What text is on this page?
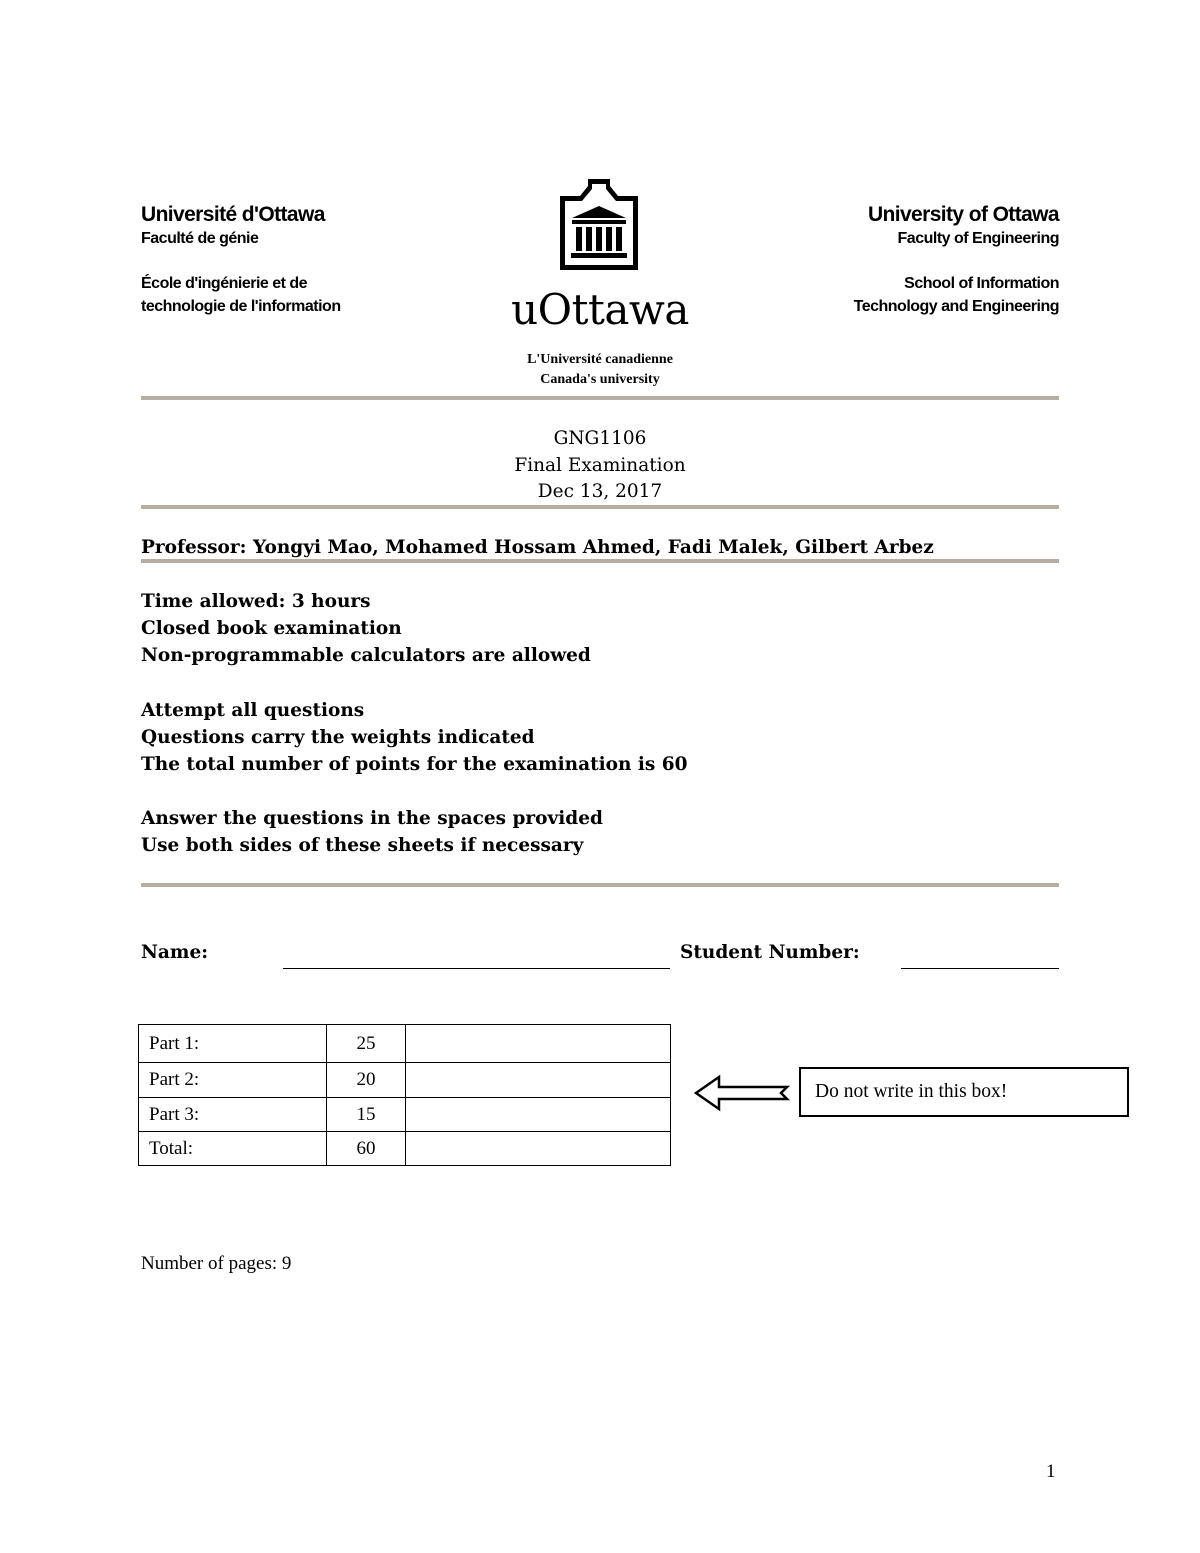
Université d'Ottawa
Faculté de génie
École d'ingénierie et de
technologie de l'information	uOttawa
L'Université canadienne
Canada's university
University of Ottawa
Faculty of Engineering
School of Information
Technology and Engineering
GNG1106
Final Examination
Dec 13, 2017
Professor: Yongyi Mao, Mohamed Hossam Ahmed, Fadi Malek, Gilbert Arbez
Time allowed: 3 hours
Closed book examination
Non-programmable calculators are allowed
Attempt all questions
Questions carry the weights indicated
The total number of points for the examination is 60
Answer the questions in the spaces provided
Use both sides of these sheets if necessary
Name:	Student Number:
Part 1:	25	
Part 2:	20	
Part 3:	15	
Total:	60	
Do not write in this box!
Number of pages: 9
1
